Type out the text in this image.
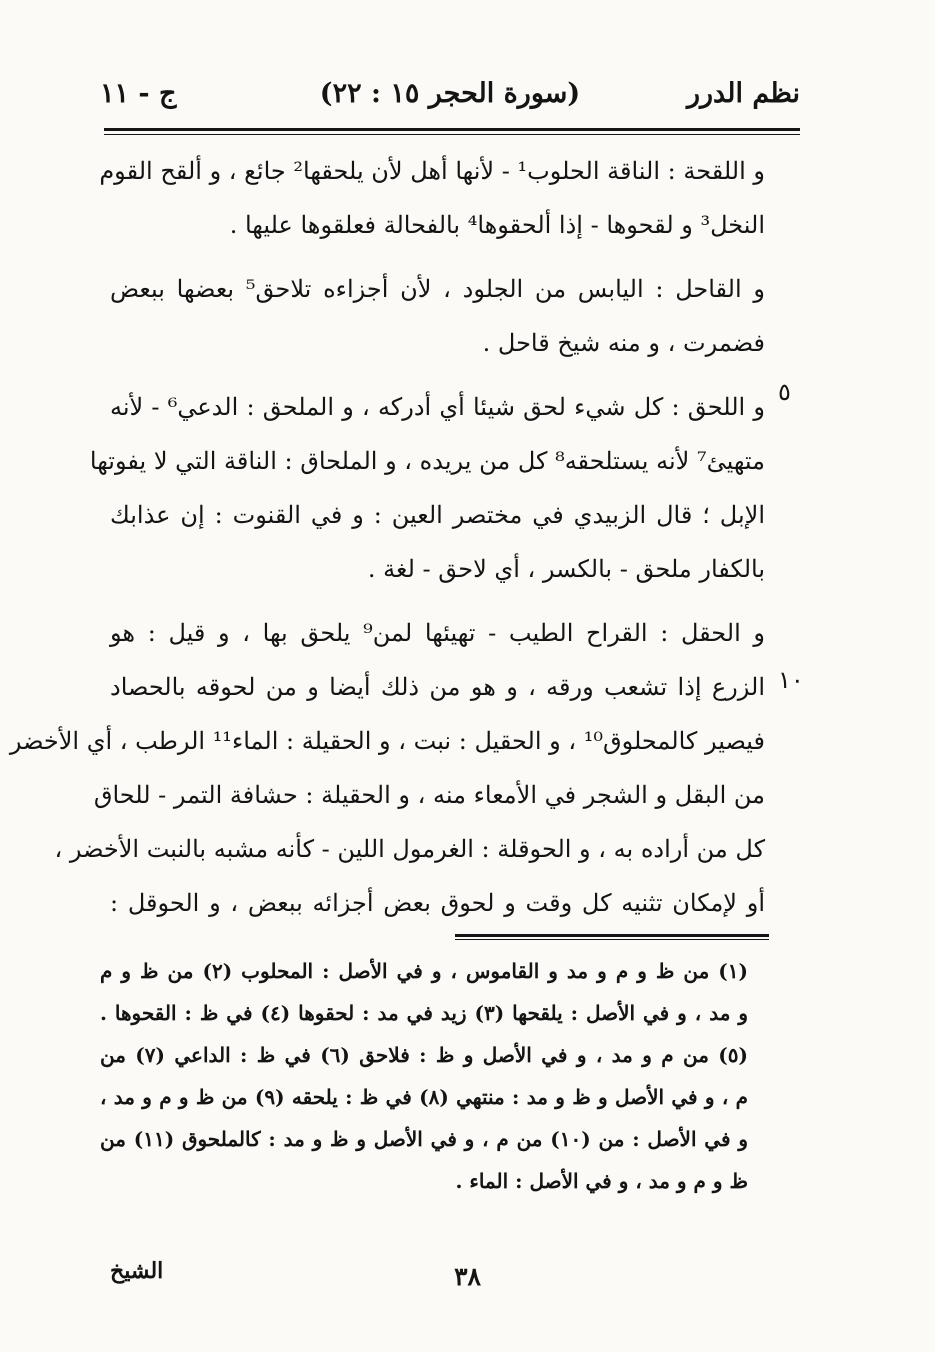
نظم الدرر
(سورة الحجر ١٥ : ٢٢)
ج - ١١
و اللقحة : الناقة الحلوب¹ - لأنها أهل لأن يلحقها² جائع ، و ألقح القوم
النخل³ و لقحوها - إذا ألحقوها⁴ بالفحالة فعلقوها عليها .
و القاحل : اليابس من الجلود ، لأن أجزاءه تلاحق⁵ بعضها ببعض
فضمرت ، و منه شيخ قاحل .
و اللحق : كل شيء لحق شيئا أي أدركه ، و الملحق : الدعي⁶ - لأنه
متهيئ⁷ لأنه يستلحقه⁸ كل من يريده ، و الملحاق : الناقة التي لا يفوتها
الإبل ؛ قال الزبيدي في مختصر العين : و في القنوت : إن عذابك
بالكفار ملحق - بالكسر ، أي لاحق - لغة .
و الحقل : القراح الطيب - تهيئها لمن⁹ يلحق بها ، و قيل : هو
الزرع إذا تشعب ورقه ، و هو من ذلك أيضا و من لحوقه بالحصاد
فيصير كالمحلوق¹⁰ ، و الحقيل : نبت ، و الحقيلة : الماء¹¹ الرطب ، أي الأخضر
من البقل و الشجر في الأمعاء منه ، و الحقيلة : حشافة التمر - للحاق
كل من أراده به ، و الحوقلة : الغرمول اللين - كأنه مشبه بالنبت الأخضر ،
أو لإمكان تثنيه كل وقت و لحوق بعض أجزائه ببعض ، و الحوقل :
٥
١٠
(١) من ظ و م و مد و القاموس ، و في الأصل : المحلوب (٢) من ظ و م
و مد ، و في الأصل : يلقحها (٣) زيد في مد : لحقوها (٤) في ظ : القحوها .
(٥) من م و مد ، و في الأصل و ظ : فلاحق (٦) في ظ : الداعي (٧) من
م ، و في الأصل و ظ و مد : منتهي (٨) في ظ : يلحقه (٩) من ظ و م و مد ،
و في الأصل : من (١٠) من م ، و في الأصل و ظ و مد : كالملحوق (١١) من
ظ و م و مد ، و في الأصل : الماء .
٣٨
الشيخ
